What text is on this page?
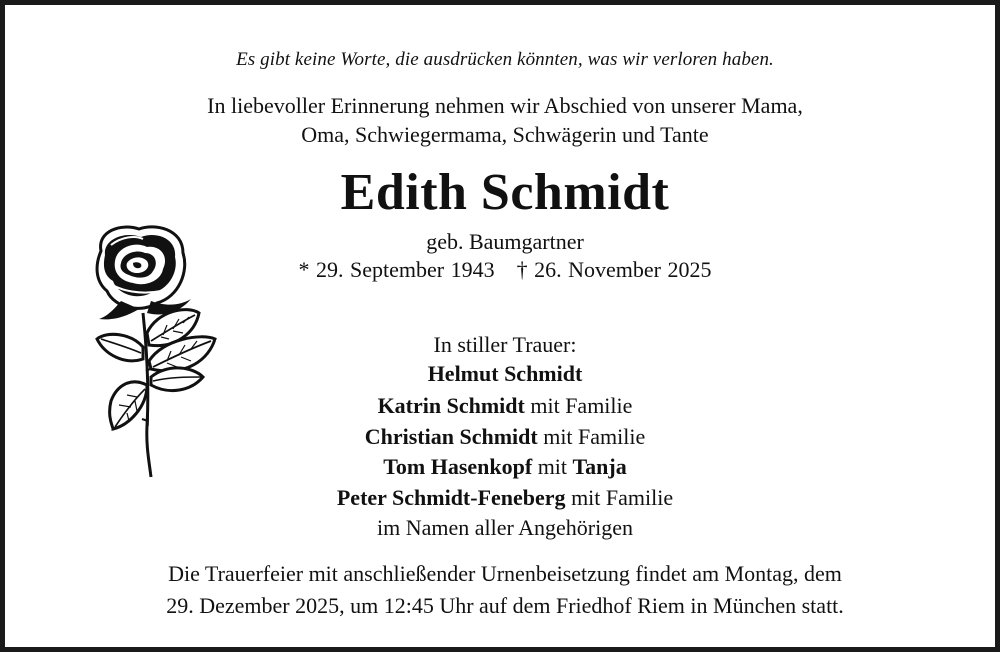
Es gibt keine Worte, die ausdrücken könnten, was wir verloren haben.
In liebevoller Erinnerung nehmen wir Abschied von unserer Mama,
Oma, Schwiegermama, Schwägerin und Tante
Edith Schmidt
geb. Baumgartner
* 29. September 1943 † 26. November 2025
In stiller Trauer:
Helmut Schmidt
Katrin Schmidt mit Familie
Christian Schmidt mit Familie
Tom Hasenkopf mit Tanja
Peter Schmidt-Feneberg mit Familie
im Namen aller Angehörigen
Die Trauerfeier mit anschließender Urnenbeisetzung findet am Montag, dem
29. Dezember 2025, um 12:45 Uhr auf dem Friedhof Riem in München statt.
